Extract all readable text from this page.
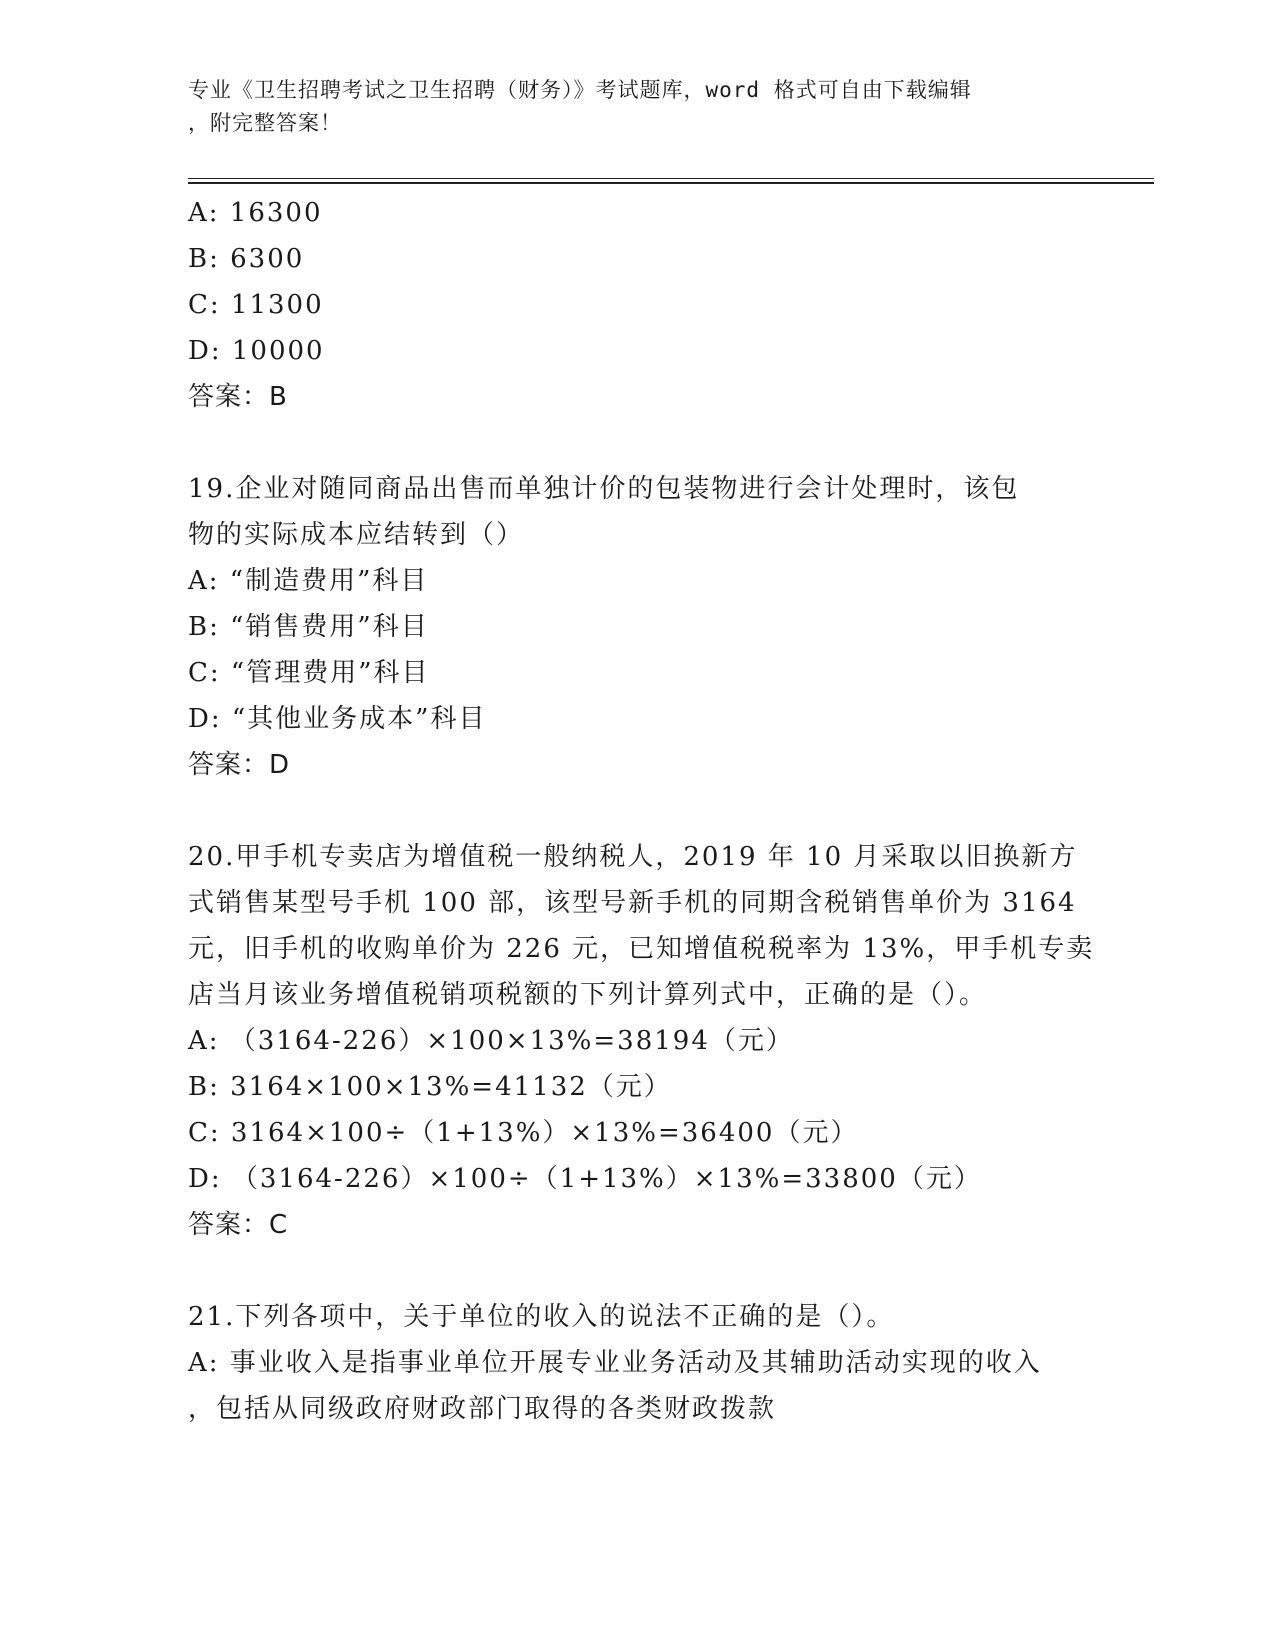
专业《卫生招聘考试之卫生招聘（财务）》考试题库，word 格式可自由下载编辑
，附完整答案！
A: 16300
B: 6300
C: 11300
D: 10000
答案：B
19.企业对随同商品出售而单独计价的包装物进行会计处理时，该包
物的实际成本应结转到（）
A: “制造费用”科目
B: “销售费用”科目
C: “管理费用”科目
D: “其他业务成本”科目
答案：D
20.甲手机专卖店为增值税一般纳税人，2019 年 10 月采取以旧换新方
式销售某型号手机 100 部，该型号新手机的同期含税销售单价为 3164
元，旧手机的收购单价为 226 元，已知增值税税率为 13%，甲手机专卖
店当月该业务增值税销项税额的下列计算列式中，正确的是（）。
A: （3164-226）×100×13%=38194（元）
B: 3164×100×13%=41132（元）
C: 3164×100÷（1+13%）×13%=36400（元）
D: （3164-226）×100÷（1+13%）×13%=33800（元）
答案：C
21.下列各项中，关于单位的收入的说法不正确的是（）。
A: 事业收入是指事业单位开展专业业务活动及其辅助活动实现的收入
，包括从同级政府财政部门取得的各类财政拨款
